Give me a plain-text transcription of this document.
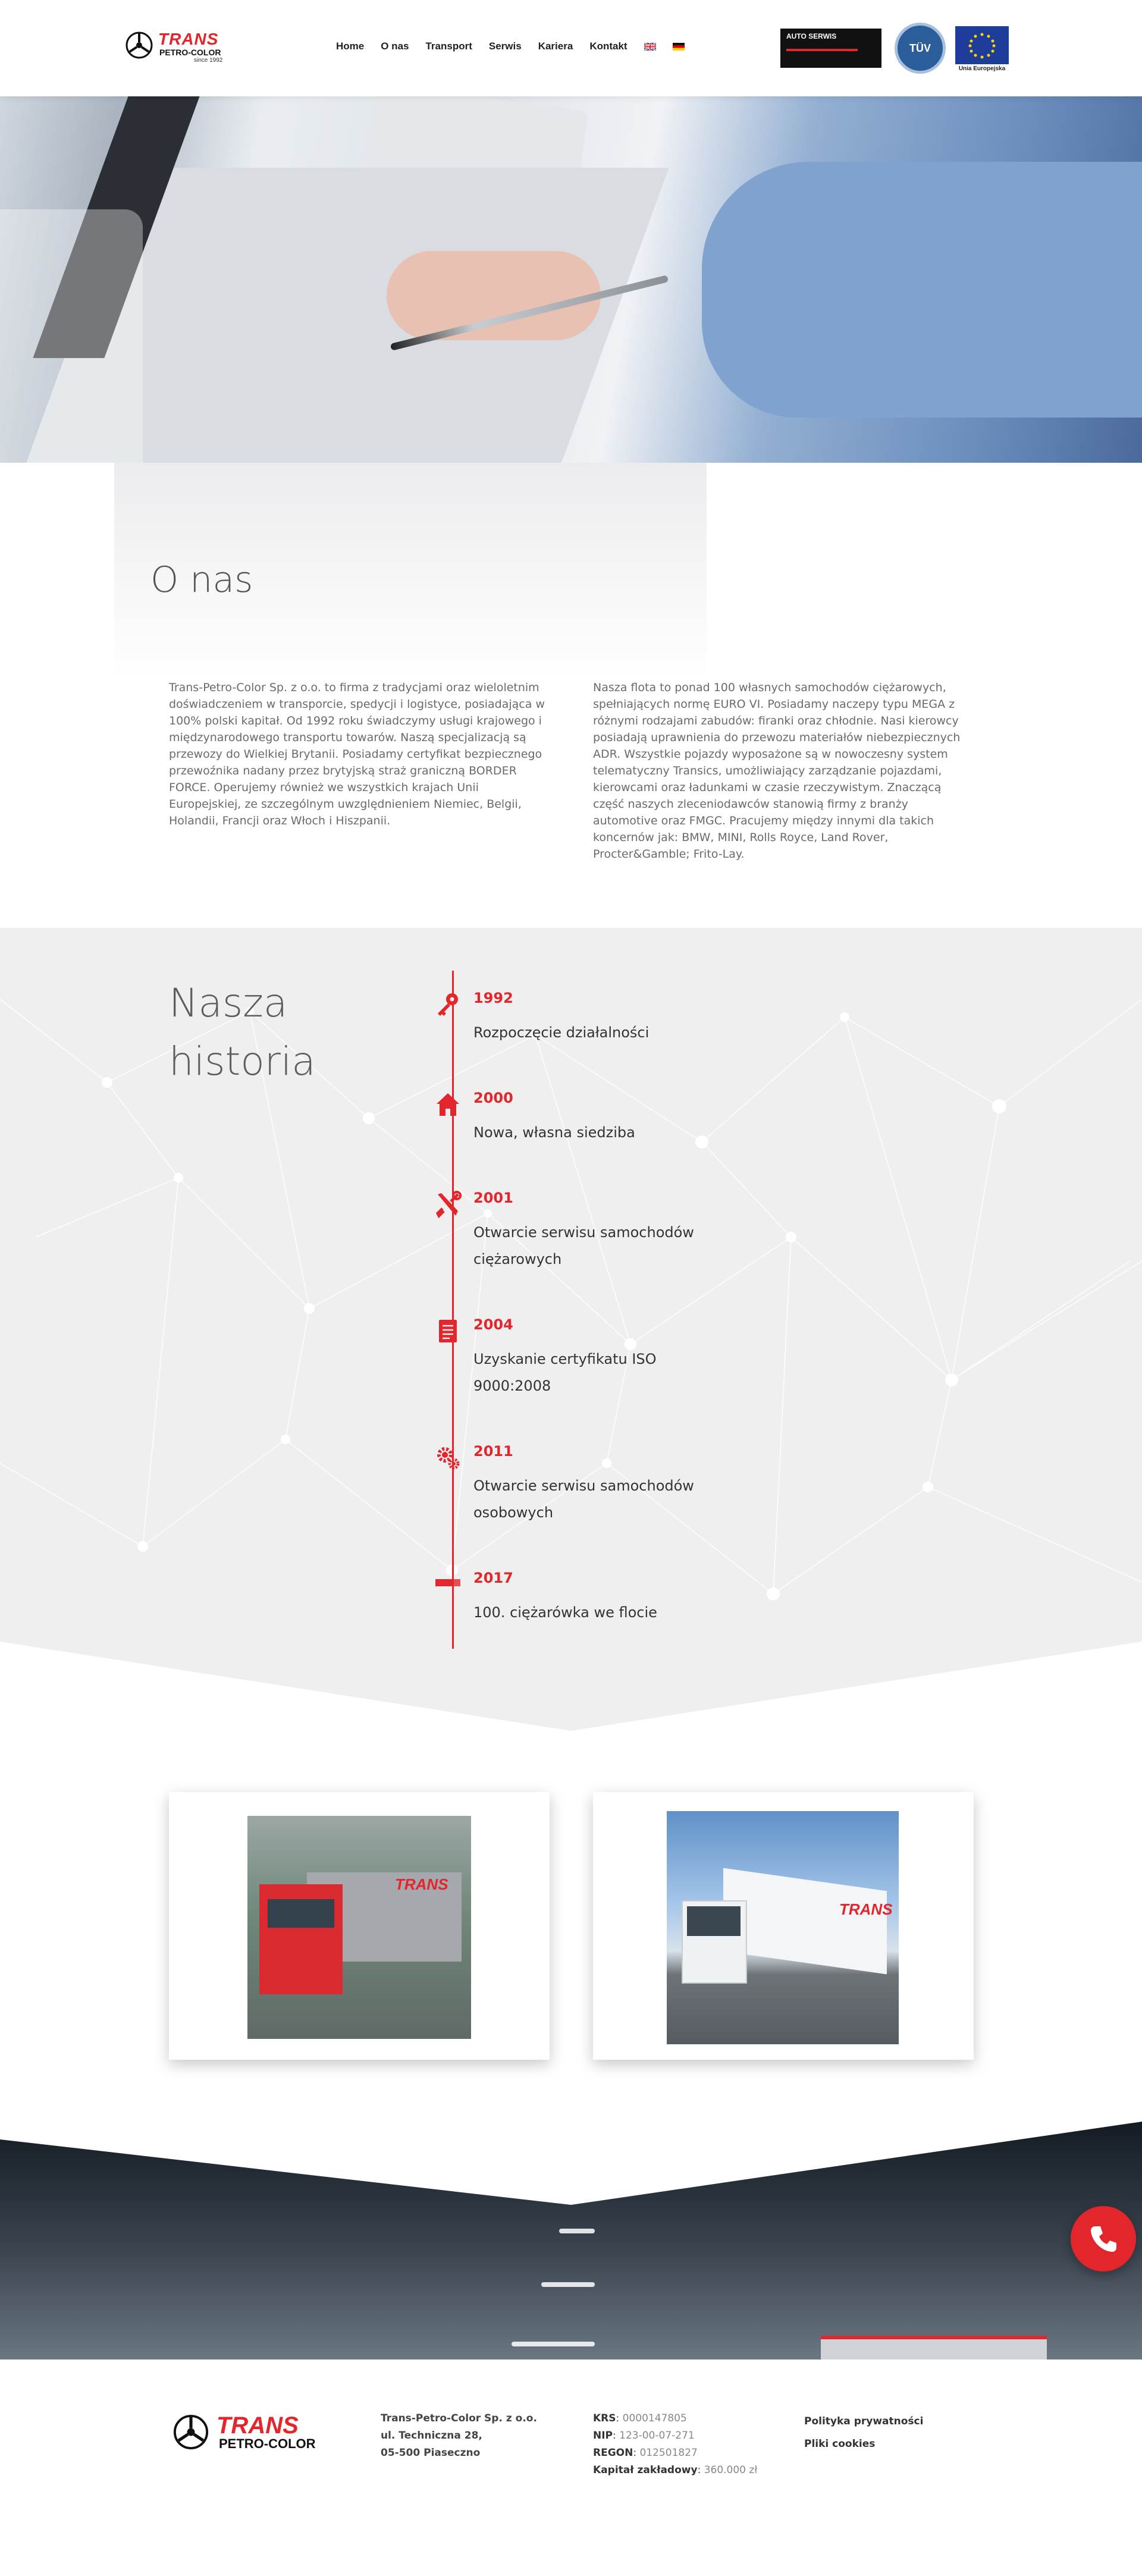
TRANS
PETRO-COLOR
since 1992
Home O nas Transport Serwis Kariera Kontakt
AUTO SERWIS
TÜV
Unia Europejska
O nas

Trans-Petro-Color Sp. z o.o. to firma z tradycjami oraz wieloletnim doświadczeniem w transporcie, spedycji i logistyce, posiadająca w 100% polski kapitał. Od 1992 roku świadczymy usługi krajowego i międzynarodowego transportu towarów. Naszą specjalizacją są przewozy do Wielkiej Brytanii. Posiadamy certyfikat bezpiecznego przewoźnika nadany przez brytyjską straż graniczną BORDER FORCE. Operujemy również we wszystkich krajach Unii Europejskiej, ze szczególnym uwzględnieniem Niemiec, Belgii, Holandii, Francji oraz Włoch i Hiszpanii.

Nasza flota to ponad 100 własnych samochodów ciężarowych, spełniających normę EURO VI. Posiadamy naczepy typu MEGA z różnymi rodzajami zabudów: firanki oraz chłodnie. Nasi kierowcy posiadają uprawnienia do przewozu materiałów niebezpiecznych ADR. Wszystkie pojazdy wyposażone są w nowoczesny system telematyczny Transics, umożliwiający zarządzanie pojazdami, kierowcami oraz ładunkami w czasie rzeczywistym. Znaczącą część naszych zleceniodawców stanowią firmy z branży automotive oraz FMGC. Pracujemy między innymi dla takich koncernów jak: BMW, MINI, Rolls Royce, Land Rover, Procter&Gamble; Frito-Lay.

Nasza
historia
1992
Rozpoczęcie działalności
2000
Nowa, własna siedziba
2001
Otwarcie serwisu samochodów ciężarowych
2004
Uzyskanie certyfikatu ISO 9000:2008
2011
Otwarcie serwisu samochodów osobowych
2017
100. ciężarówka we flocie
TRANS
TRANS
TRANS
PETRO-COLOR
Trans-Petro-Color Sp. z o.o.
ul. Techniczna 28,
05-500 Piaseczno
KRS: 0000147805
NIP: 123-00-07-271
REGON: 012501827
Kapitał zakładowy: 360.000 zł
Polityka prywatności
Pliki cookies
